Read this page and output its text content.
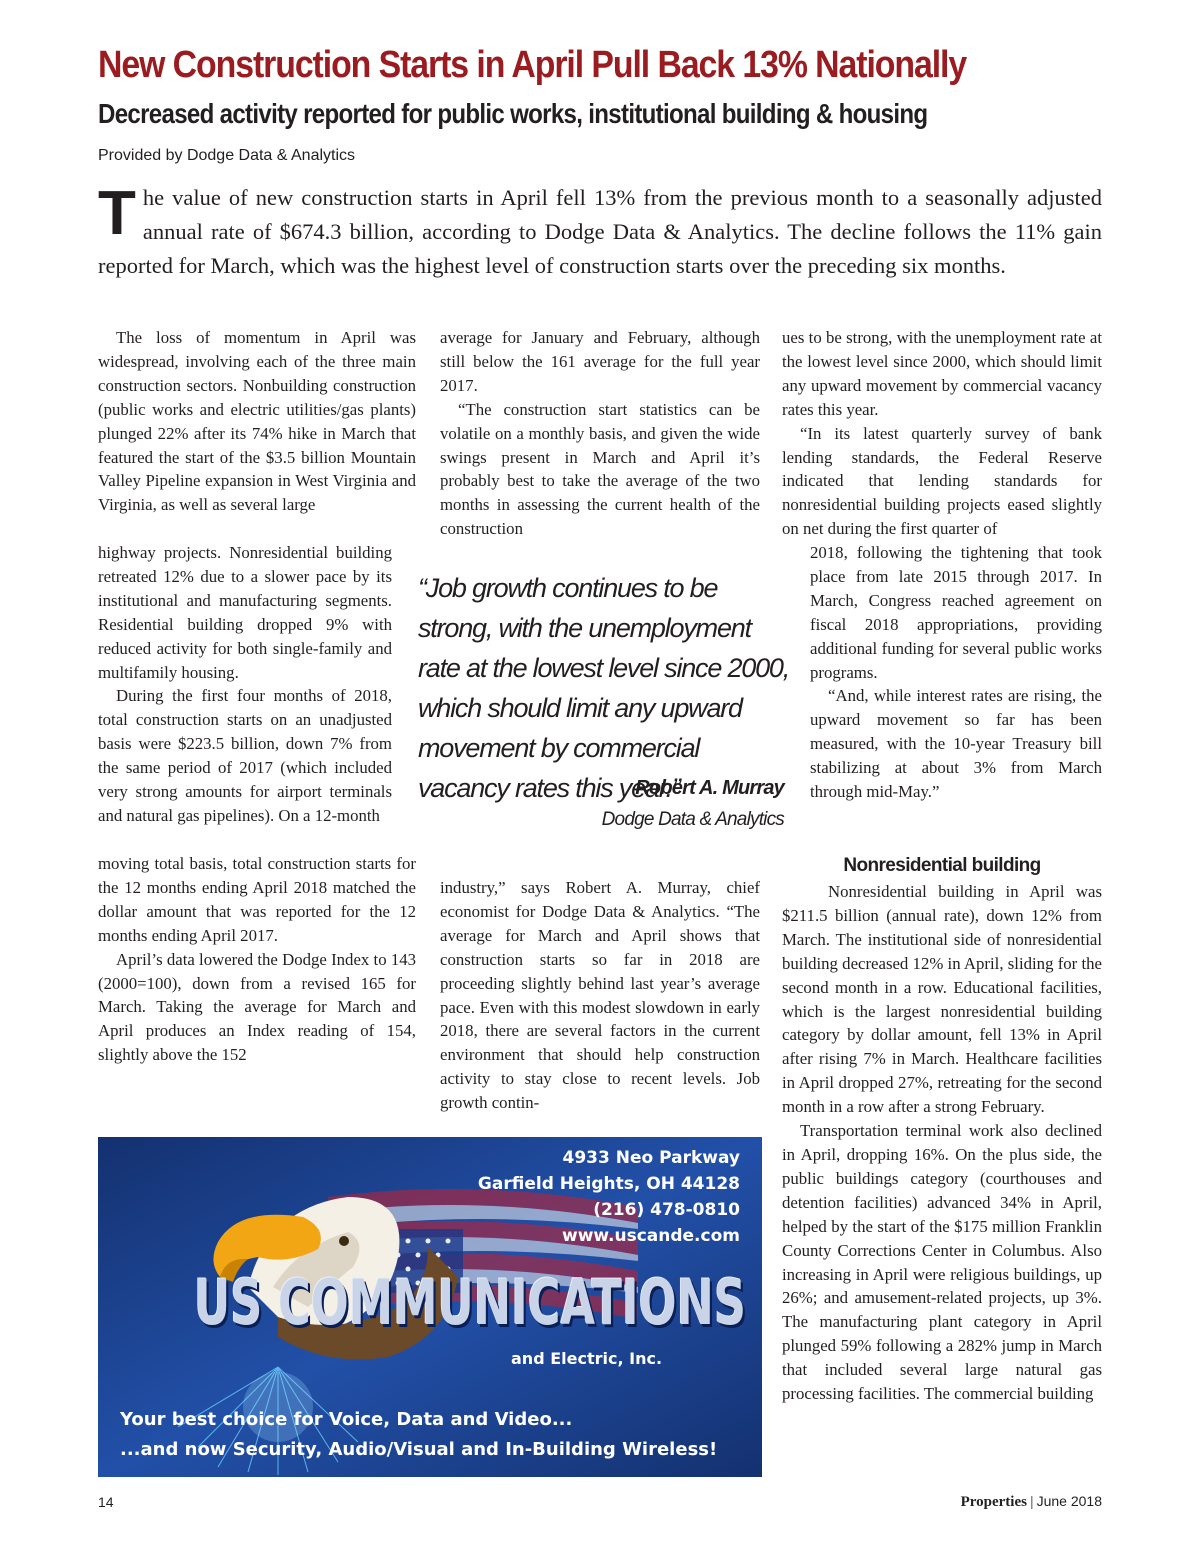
New Construction Starts in April Pull Back 13% Nationally
Decreased activity reported for public works, institutional building & housing
Provided by Dodge Data & Analytics
The value of new construction starts in April fell 13% from the previous month to a seasonally adjusted annual rate of $674.3 billion, according to Dodge Data & Analytics. The decline follows the 11% gain reported for March, which was the highest level of construction starts over the preceding six months.

The loss of momentum in April was widespread, involving each of the three main construction sectors. Nonbuilding construction (public works and electric utilities/gas plants) plunged 22% after its 74% hike in March that featured the start of the $3.5 billion Mountain Valley Pipeline expansion in West Virginia and Virginia, as well as several large

highway projects. Nonresidential building retreated 12% due to a slower pace by its institutional and manufacturing segments. Residential building dropped 9% with reduced activity for both single-family and multifamily housing.

During the first four months of 2018, total construction starts on an unadjusted basis were $223.5 billion, down 7% from the same period of 2017 (which included very strong amounts for airport terminals and natural gas pipelines). On a 12-month

moving total basis, total construction starts for the 12 months ending April 2018 matched the dollar amount that was reported for the 12 months ending April 2017.

April’s data lowered the Dodge Index to 143 (2000=100), down from a revised 165 for March. Taking the average for March and April produces an Index reading of 154, slightly above the 152

average for January and February, although still below the 161 average for the full year 2017.

“The construction start statistics can be volatile on a monthly basis, and given the wide swings present in March and April it’s probably best to take the average of the two months in assessing the current health of the construction

“Job growth continues to be strong, with the unemployment rate at the lowest level since 2000, which should limit any upward movement by commercial vacancy rates this year.”
Robert A. Murray
Dodge Data & Analytics

industry,” says Robert A. Murray, chief economist for Dodge Data & Analytics. “The average for March and April shows that construction starts so far in 2018 are proceeding slightly behind last year’s average pace. Even with this modest slowdown in early 2018, there are several factors in the current environment that should help construction activity to stay close to recent levels. Job growth contin-

ues to be strong, with the unemployment rate at the lowest level since 2000, which should limit any upward movement by commercial vacancy rates this year.

“In its latest quarterly survey of bank lending standards, the Federal Reserve indicated that lending standards for nonresidential building projects eased slightly on net during the first quarter of

2018, following the tightening that took place from late 2015 through 2017. In March, Congress reached agreement on fiscal 2018 appropriations, providing additional funding for several public works programs.

“And, while interest rates are rising, the upward movement so far has been measured, with the 10-year Treasury bill stabilizing at about 3% from March through mid-May.”

Nonresidential building

Nonresidential building in April was $211.5 billion (annual rate), down 12% from March. The institutional side of nonresidential building decreased 12% in April, sliding for the second month in a row. Educational facilities, which is the largest nonresidential building category by dollar amount, fell 13% in April after rising 7% in March. Healthcare facilities in April dropped 27%, retreating for the second month in a row after a strong February.

Transportation terminal work also declined in April, dropping 16%. On the plus side, the public buildings category (courthouses and detention facilities) advanced 34% in April, helped by the start of the $175 million Franklin County Corrections Center in Columbus. Also increasing in April were religious buildings, up 26%; and amusement-related projects, up 3%. The manufacturing plant category in April plunged 59% following a 282% jump in March that included several large natural gas processing facilities. The commercial building

4933 Neo Parkway
Garfield Heights, OH 44128
(216) 478-0810
www.uscande.com
US COMMUNICATIONS
and Electric, Inc.
Your best choice for Voice, Data and Video...
...and now Security, Audio/Visual and In-Building Wireless!
14	Properties | June 2018
